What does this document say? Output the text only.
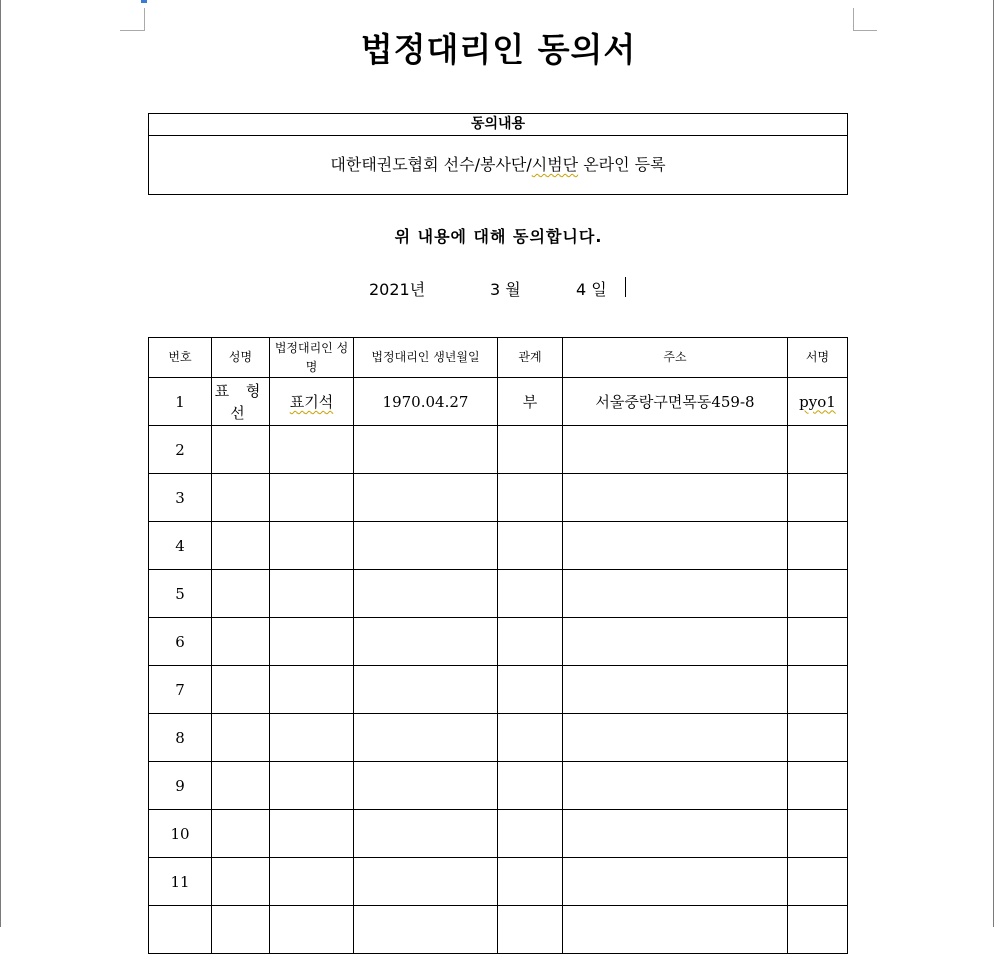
법정대리인 동의서
동의내용
대한태권도협회 선수/봉사단/시범단 온라인 등록
위 내용에 대해 동의합니다.
2021년	3 월	4 일
번호	성명	법정대리인 성명	법정대리인 생년월일	관계	주소	서명
1	표 형 선	표기석	1970.04.27	부	서울중랑구면목동459-8	pyo1
2						
3						
4						
5						
6						
7						
8						
9						
10						
11						
